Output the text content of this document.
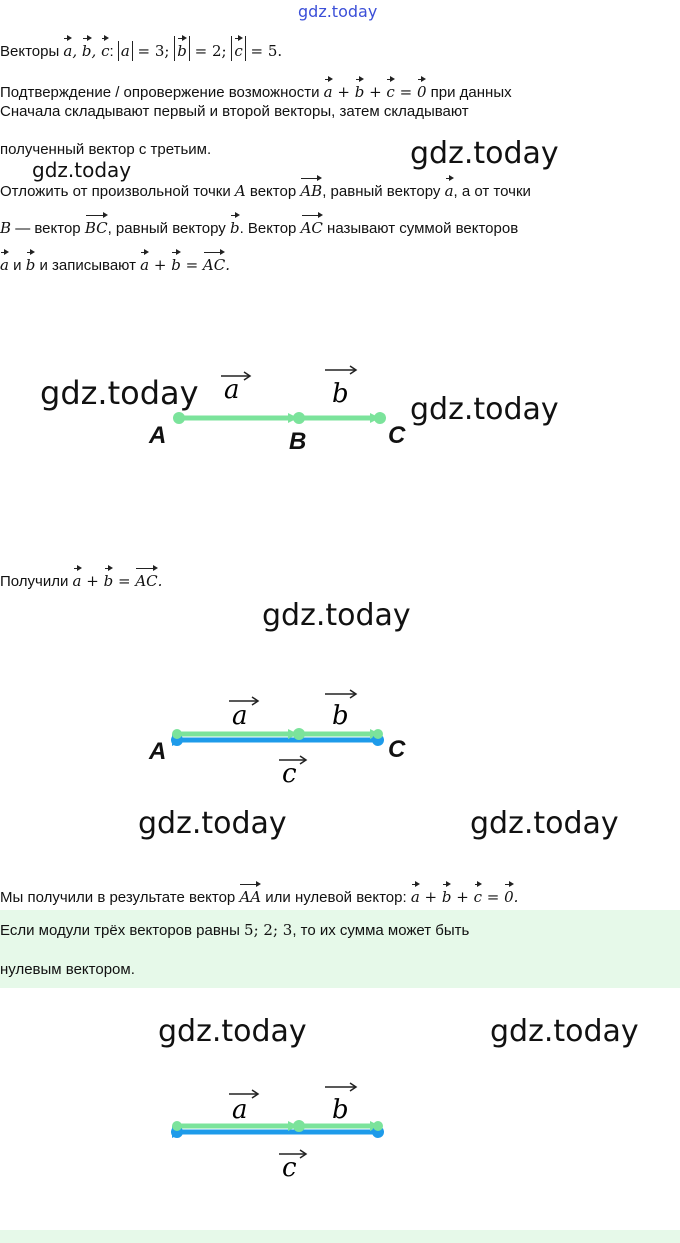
gdz.today
Векторы a, b, c: a = 3; b = 2; c = 5.
Подтверждение / опровержение возможности a + b + c = 0 при данных
Сначала складывают первый и второй векторы, затем складывают
полученный вектор с третьим.
Отложить от произвольной точки A вектор AB, равный вектору a, а от точки
B — вектор BC, равный вектору b. Вектор AC называют суммой векторов
a и b и записывают a + b = AC.
gdz.today	gdz.today
a	b
A	B	C
gdz.today	gdz.today
Получили a + b = AC.
gdz.today
a	b
c
A	C
gdz.today	gdz.today
Мы получили в результате вектор AA или нулевой вектор: a + b + c = 0.
Если модули трёх векторов равны 5; 2; 3, то их сумма может быть
нулевым вектором.
gdz.today	gdz.today
a	b
c
